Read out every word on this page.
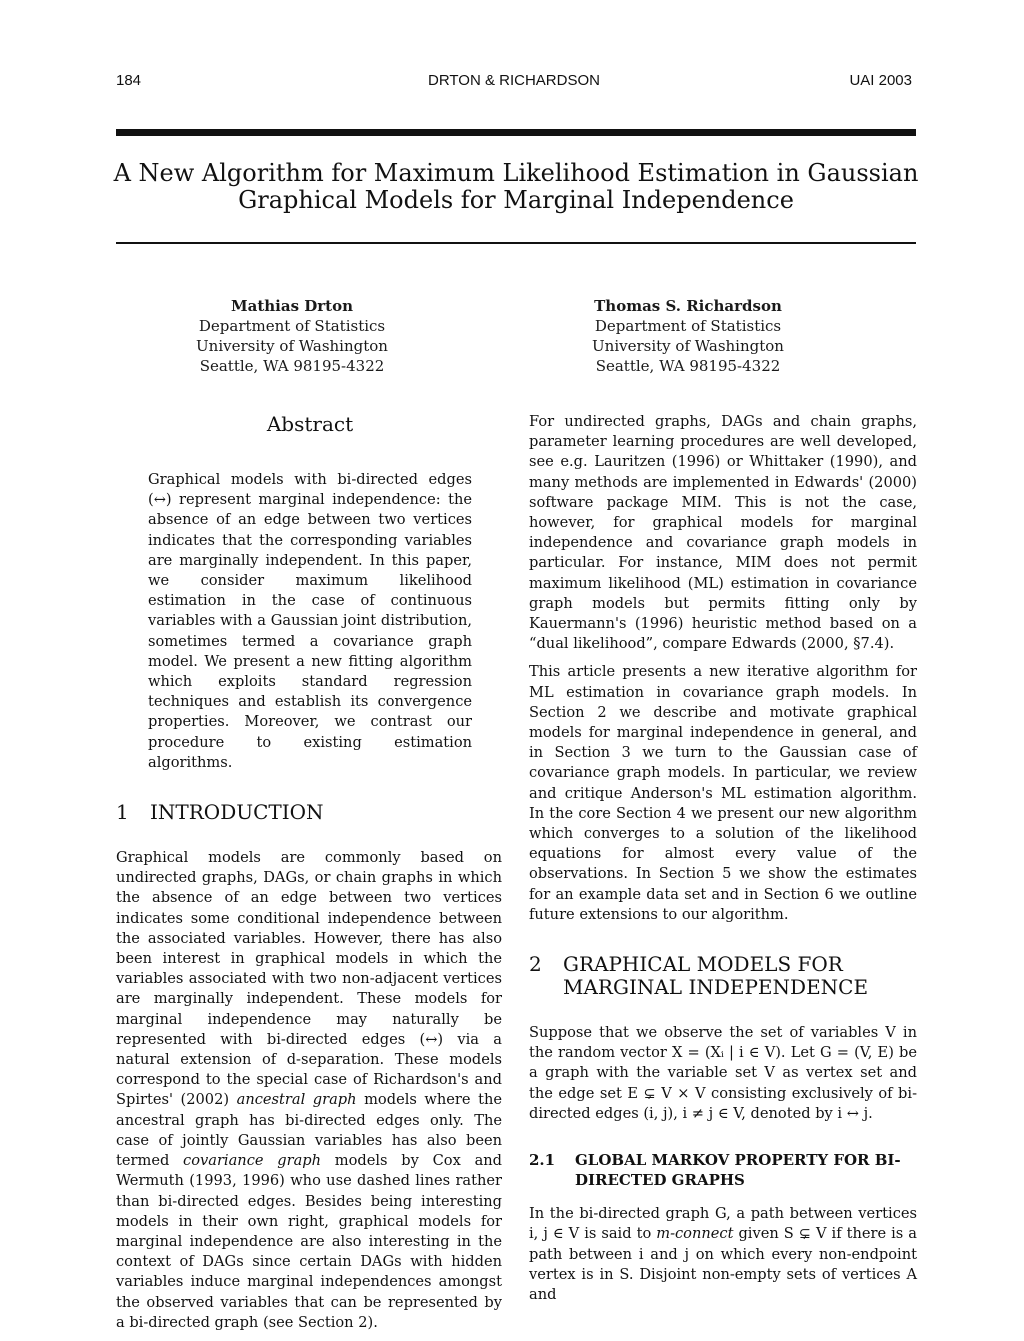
184	DRTON & RICHARDSON	UAI 2003
A New Algorithm for Maximum Likelihood Estimation in Gaussian
Graphical Models for Marginal Independence
Mathias Drton
Department of Statistics
University of Washington
Seattle, WA 98195-4322
Thomas S. Richardson
Department of Statistics
University of Washington
Seattle, WA 98195-4322
Abstract

Graphical models with bi-directed edges (↔) represent marginal independence: the absence of an edge between two vertices indicates that the corresponding variables are marginally independent. In this paper, we consider maximum likelihood estimation in the case of continuous variables with a Gaussian joint distribution, sometimes termed a covariance graph model. We present a new fitting algorithm which exploits standard regression techniques and establish its convergence properties. Moreover, we contrast our procedure to existing estimation algorithms.

1	INTRODUCTION

Graphical models are commonly based on undirected graphs, DAGs, or chain graphs in which the absence of an edge between two vertices indicates some conditional independence between the associated variables. However, there has also been interest in graphical models in which the variables associated with two non-adjacent vertices are marginally independent. These models for marginal independence may naturally be represented with bi-directed edges (↔) via a natural extension of d-separation. These models correspond to the special case of Richardson's and Spirtes' (2002) ancestral graph models where the ancestral graph has bi-directed edges only. The case of jointly Gaussian variables has also been termed covariance graph models by Cox and Wermuth (1993, 1996) who use dashed lines rather than bi-directed edges. Besides being interesting models in their own right, graphical models for marginal independence are also interesting in the context of DAGs since certain DAGs with hidden variables induce marginal independences amongst the observed variables that can be represented by a bi-directed graph (see Section 2).

For undirected graphs, DAGs and chain graphs, parameter learning procedures are well developed, see e.g. Lauritzen (1996) or Whittaker (1990), and many methods are implemented in Edwards' (2000) software package MIM. This is not the case, however, for graphical models for marginal independence and covariance graph models in particular. For instance, MIM does not permit maximum likelihood (ML) estimation in covariance graph models but permits fitting only by Kauermann's (1996) heuristic method based on a “dual likelihood”, compare Edwards (2000, §7.4).

This article presents a new iterative algorithm for ML estimation in covariance graph models. In Section 2 we describe and motivate graphical models for marginal independence in general, and in Section 3 we turn to the Gaussian case of covariance graph models. In particular, we review and critique Anderson's ML estimation algorithm. In the core Section 4 we present our new algorithm which converges to a solution of the likelihood equations for almost every value of the observations. In Section 5 we show the estimates for an example data set and in Section 6 we outline future extensions to our algorithm.

2	GRAPHICAL MODELS FOR MARGINAL INDEPENDENCE

Suppose that we observe the set of variables V in the random vector X = (Xᵢ | i ∈ V). Let G = (V, E) be a graph with the variable set V as vertex set and the edge set E ⊊ V × V consisting exclusively of bi-directed edges (i, j), i ≠ j ∈ V, denoted by i ↔ j.

2.1	GLOBAL MARKOV PROPERTY FOR BI-DIRECTED GRAPHS

In the bi-directed graph G, a path between vertices i, j ∈ V is said to m-connect given S ⊊ V if there is a path between i and j on which every non-endpoint vertex is in S. Disjoint non-empty sets of vertices A and
